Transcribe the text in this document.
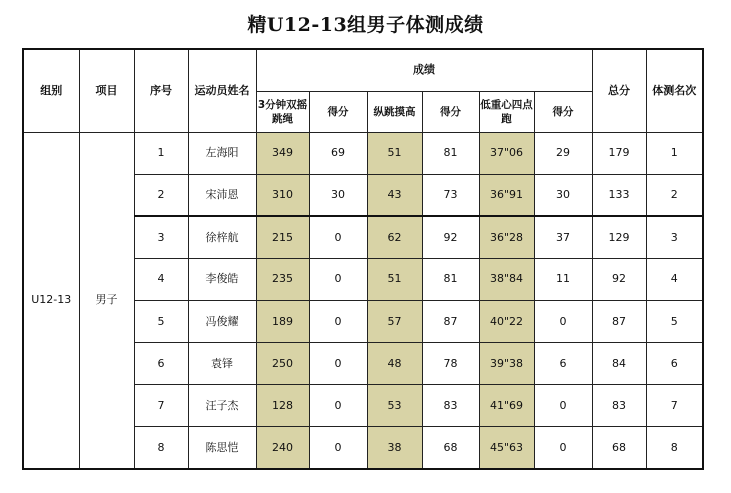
精U12-13组男子体测成绩
组别	项目	序号	运动员姓名	成绩						总分	体测名次
				3分钟双摇跳绳	得分	纵跳摸高	得分	低重心四点跑	得分		
U12-13	男子	1	左海阳	349	69	51	81	37"06	29	179	1
		2	宋沛恩	310	30	43	73	36"91	30	133	2
		3	徐梓航	215	0	62	92	36"28	37	129	3
		4	李俊皓	235	0	51	81	38"84	11	92	4
		5	冯俊耀	189	0	57	87	40"22	0	87	5
		6	袁铎	250	0	48	78	39"38	6	84	6
		7	汪子杰	128	0	53	83	41"69	0	83	7
		8	陈思恺	240	0	38	68	45"63	0	68	8
